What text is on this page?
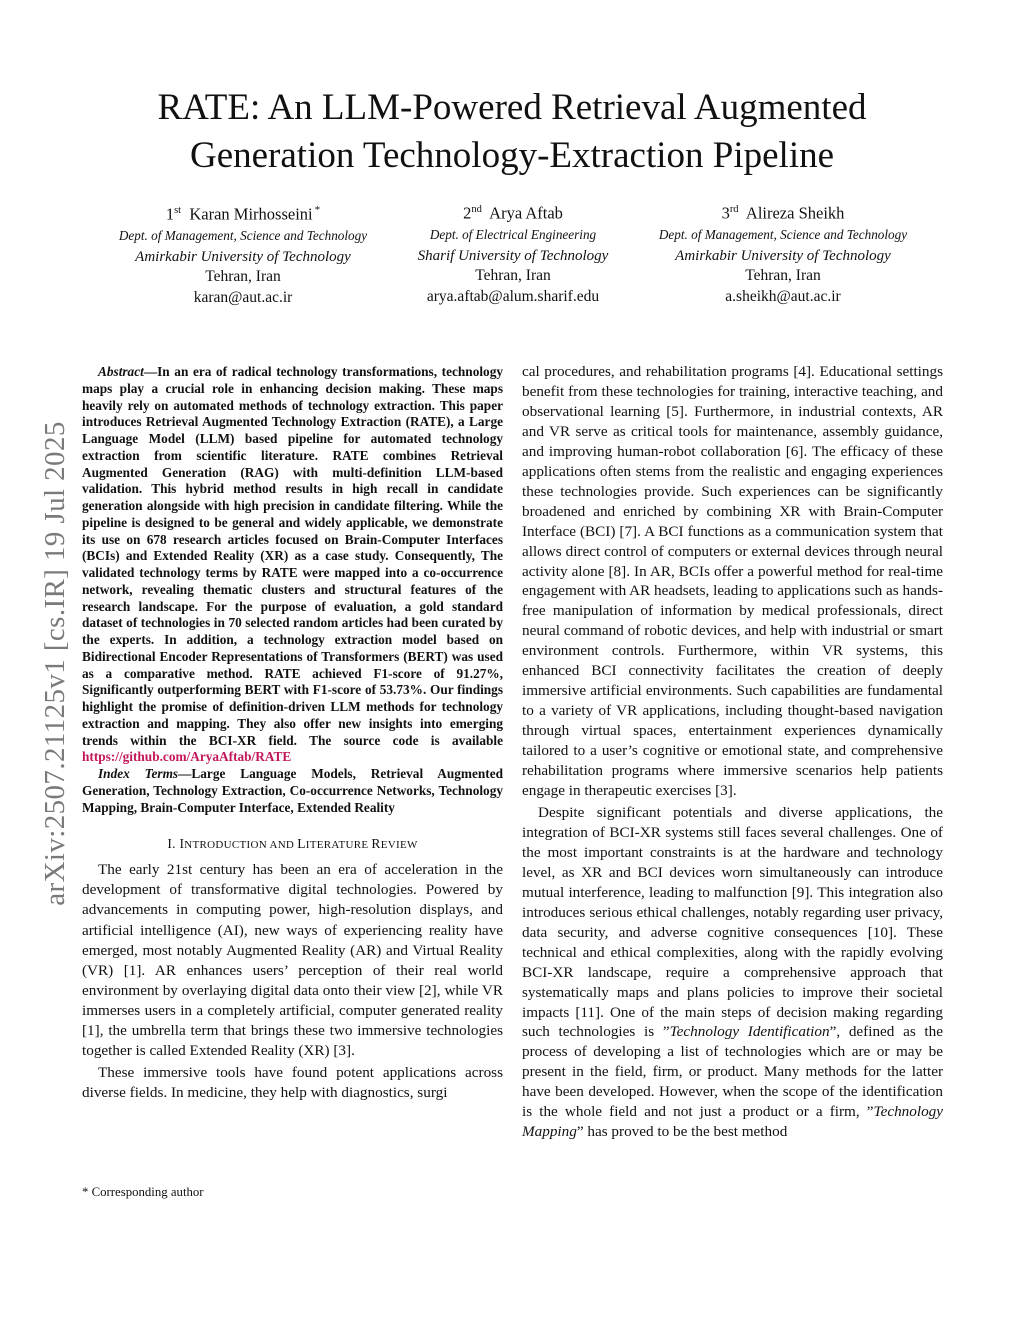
arXiv:2507.21125v1 [cs.IR] 19 Jul 2025
RATE: An LLM-Powered Retrieval Augmented
Generation Technology-Extraction Pipeline
1st Karan Mirhosseini *
Dept. of Management, Science and Technology
Amirkabir University of Technology
Tehran, Iran
karan@aut.ac.ir
2nd Arya Aftab
Dept. of Electrical Engineering
Sharif University of Technology
Tehran, Iran
arya.aftab@alum.sharif.edu
3rd Alireza Sheikh
Dept. of Management, Science and Technology
Amirkabir University of Technology
Tehran, Iran
a.sheikh@aut.ac.ir

Abstract—In an era of radical technology transformations, technology maps play a crucial role in enhancing decision making. These maps heavily rely on automated methods of technology extraction. This paper introduces Retrieval Augmented Technology Extraction (RATE), a Large Language Model (LLM) based pipeline for automated technology extraction from scientific literature. RATE combines Retrieval Augmented Generation (RAG) with multi-definition LLM-based validation. This hybrid method results in high recall in candidate generation alongside with high precision in candidate filtering. While the pipeline is designed to be general and widely applicable, we demonstrate its use on 678 research articles focused on Brain-Computer Interfaces (BCIs) and Extended Reality (XR) as a case study. Consequently, The validated technology terms by RATE were mapped into a co-occurrence network, revealing thematic clusters and structural features of the research landscape. For the purpose of evaluation, a gold standard dataset of technologies in 70 selected random articles had been curated by the experts. In addition, a technology extraction model based on Bidirectional Encoder Representations of Transformers (BERT) was used as a comparative method. RATE achieved F1-score of 91.27%, Significantly outperforming BERT with F1-score of 53.73%. Our findings highlight the promise of definition-driven LLM methods for technology extraction and mapping. They also offer new insights into emerging trends within the BCI-XR field. The source code is available https://github.com/AryaAftab/RATE

Index Terms—Large Language Models, Retrieval Augmented Generation, Technology Extraction, Co-occurrence Networks, Technology Mapping, Brain-Computer Interface, Extended Reality

I. INTRODUCTION AND LITERATURE REVIEW

The early 21st century has been an era of acceleration in the development of transformative digital technologies. Powered by advancements in computing power, high-resolution displays, and artificial intelligence (AI), new ways of experiencing reality have emerged, most notably Augmented Reality (AR) and Virtual Reality (VR) [1]. AR enhances users’ perception of their real world environment by overlaying digital data onto their view [2], while VR immerses users in a completely artificial, computer generated reality [1], the umbrella term that brings these two immersive technologies together is called Extended Reality (XR) [3].

These immersive tools have found potent applications across diverse fields. In medicine, they help with diagnostics, surgi

cal procedures, and rehabilitation programs [4]. Educational settings benefit from these technologies for training, interactive teaching, and observational learning [5]. Furthermore, in industrial contexts, AR and VR serve as critical tools for maintenance, assembly guidance, and improving human-robot collaboration [6]. The efficacy of these applications often stems from the realistic and engaging experiences these technologies provide. Such experiences can be significantly broadened and enriched by combining XR with Brain-Computer Interface (BCI) [7]. A BCI functions as a communication system that allows direct control of computers or external devices through neural activity alone [8]. In AR, BCIs offer a powerful method for real-time engagement with AR headsets, leading to applications such as hands-free manipulation of information by medical professionals, direct neural command of robotic devices, and help with industrial or smart environment controls. Furthermore, within VR systems, this enhanced BCI connectivity facilitates the creation of deeply immersive artificial environments. Such capabilities are fundamental to a variety of VR applications, including thought-based navigation through virtual spaces, entertainment experiences dynamically tailored to a user’s cognitive or emotional state, and comprehensive rehabilitation programs where immersive scenarios help patients engage in therapeutic exercises [3].

Despite significant potentials and diverse applications, the integration of BCI-XR systems still faces several challenges. One of the most important constraints is at the hardware and technology level, as XR and BCI devices worn simultaneously can introduce mutual interference, leading to malfunction [9]. This integration also introduces serious ethical challenges, notably regarding user privacy, data security, and adverse cognitive consequences [10]. These technical and ethical complexities, along with the rapidly evolving BCI-XR landscape, require a comprehensive approach that systematically maps and plans policies to improve their societal impacts [11]. One of the main steps of decision making regarding such technologies is ”Technology Identification”, defined as the process of developing a list of technologies which are or may be present in the field, firm, or product. Many methods for the latter have been developed. However, when the scope of the identification is the whole field and not just a product or a firm, ”Technology Mapping” has proved to be the best method

* Corresponding author
